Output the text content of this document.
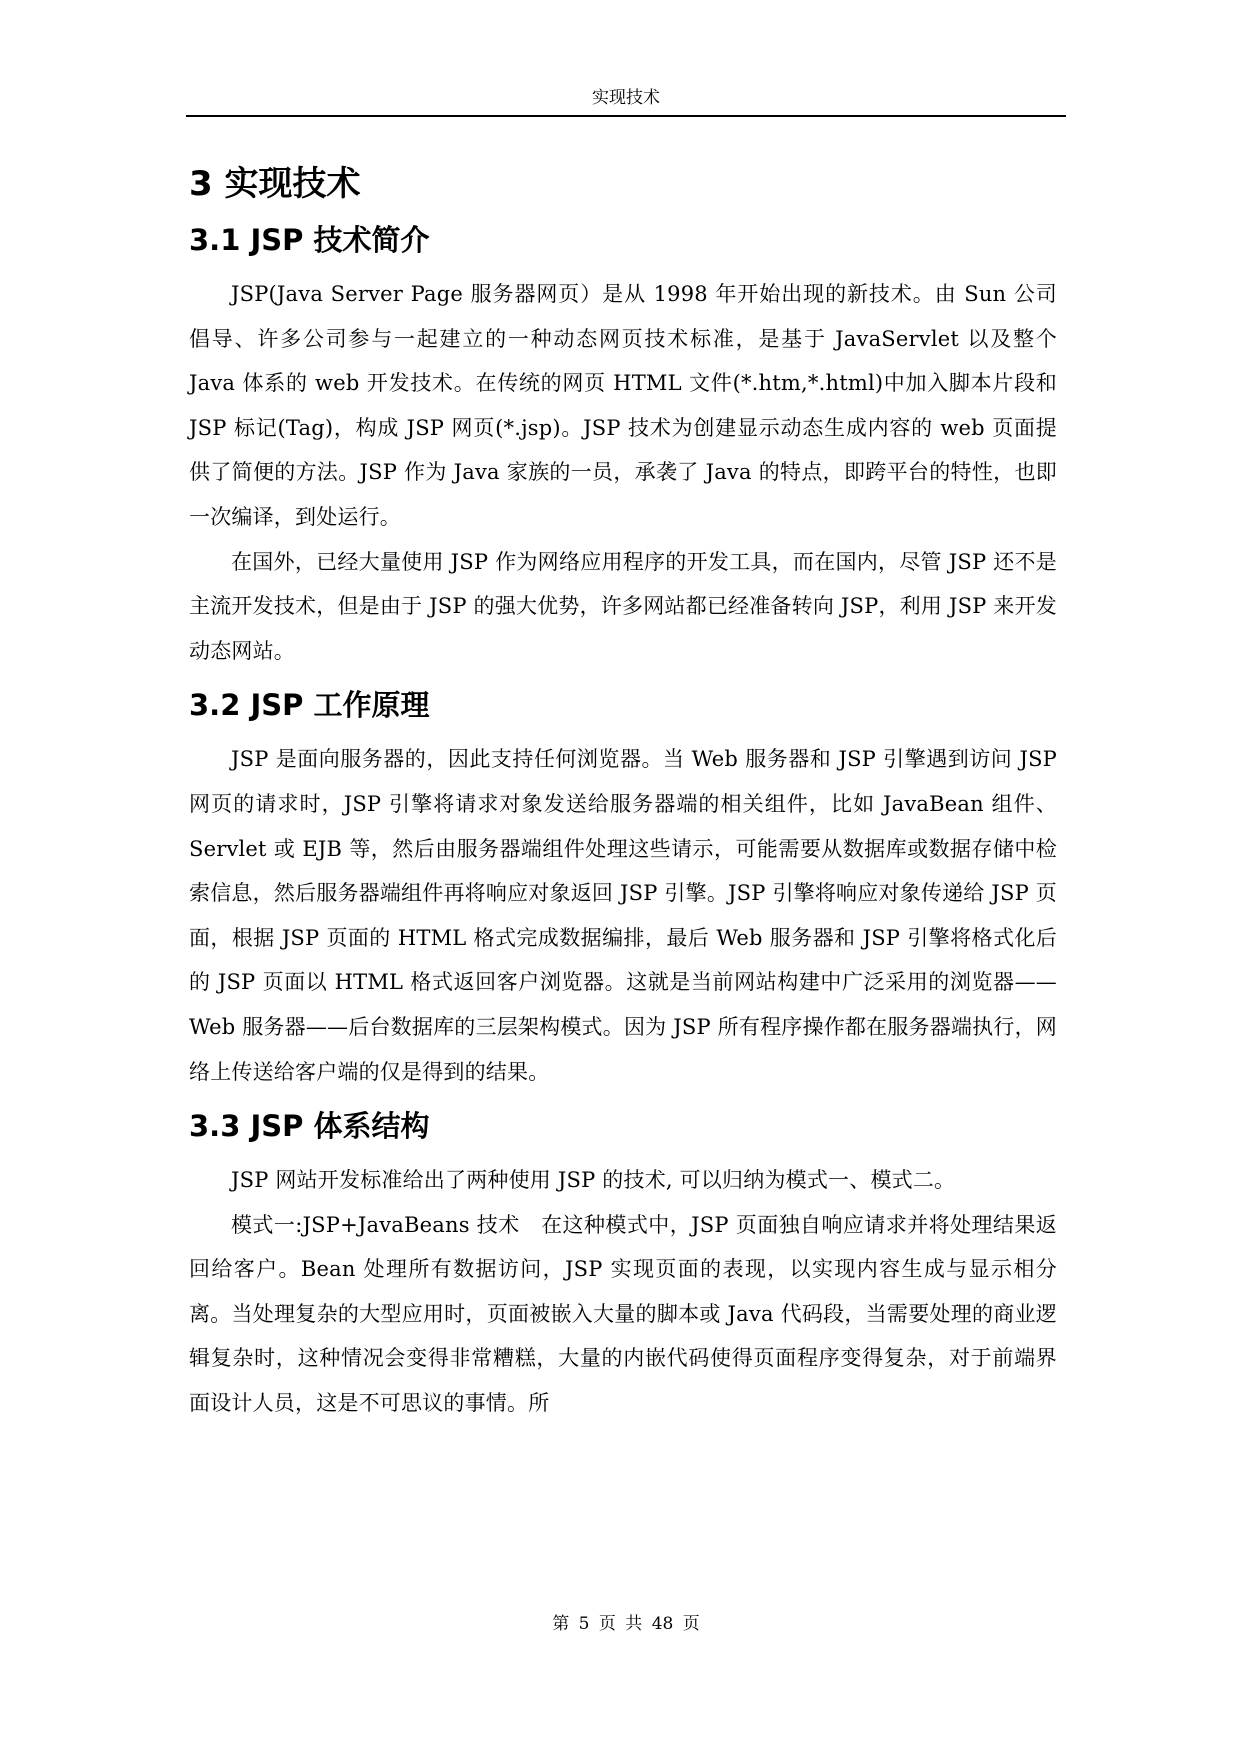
实现技术
3 实现技术
3.1 JSP 技术简介

JSP(Java Server Page 服务器网页）是从 1998 年开始出现的新技术。由 Sun 公司倡导、许多公司参与一起建立的一种动态网页技术标准，是基于 JavaServlet 以及整个 Java 体系的 web 开发技术。在传统的网页 HTML 文件(*.htm,*.html)中加入脚本片段和 JSP 标记(Tag)，构成 JSP 网页(*.jsp)。JSP 技术为创建显示动态生成内容的 web 页面提供了简便的方法。JSP 作为 Java 家族的一员，承袭了 Java 的特点，即跨平台的特性，也即一次编译，到处运行。

在国外，已经大量使用 JSP 作为网络应用程序的开发工具，而在国内，尽管 JSP 还不是主流开发技术，但是由于 JSP 的强大优势，许多网站都已经准备转向 JSP，利用 JSP 来开发动态网站。

3.2 JSP 工作原理

JSP 是面向服务器的，因此支持任何浏览器。当 Web 服务器和 JSP 引擎遇到访问 JSP 网页的请求时，JSP 引擎将请求对象发送给服务器端的相关组件，比如 JavaBean 组件、Servlet 或 EJB 等，然后由服务器端组件处理这些请示，可能需要从数据库或数据存储中检索信息，然后服务器端组件再将响应对象返回 JSP 引擎。JSP 引擎将响应对象传递给 JSP 页面，根据 JSP 页面的 HTML 格式完成数据编排，最后 Web 服务器和 JSP 引擎将格式化后的 JSP 页面以 HTML 格式返回客户浏览器。这就是当前网站构建中广泛采用的浏览器——Web 服务器——后台数据库的三层架构模式。因为 JSP 所有程序操作都在服务器端执行，网络上传送给客户端的仅是得到的结果。

3.3 JSP 体系结构

JSP 网站开发标准给出了两种使用 JSP 的技术, 可以归纳为模式一、模式二。

模式一:JSP+JavaBeans 技术　在这种模式中，JSP 页面独自响应请求并将处理结果返回给客户。Bean 处理所有数据访问，JSP 实现页面的表现，以实现内容生成与显示相分离。当处理复杂的大型应用时，页面被嵌入大量的脚本或 Java 代码段，当需要处理的商业逻辑复杂时，这种情况会变得非常糟糕，大量的内嵌代码使得页面程序变得复杂，对于前端界面设计人员，这是不可思议的事情。所

第 5 页 共 48 页
